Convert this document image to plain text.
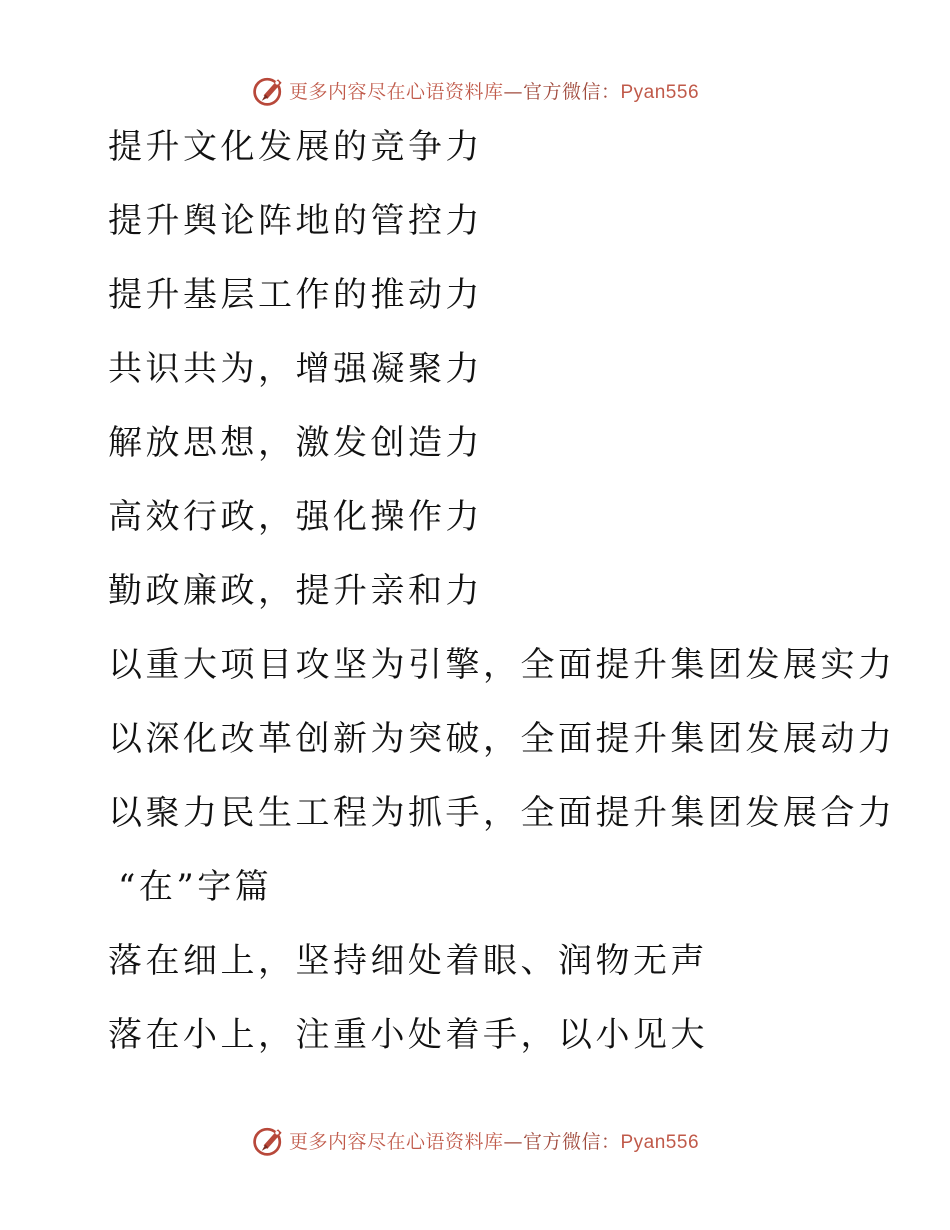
更多内容尽在心语资料库—官方微信：Pyan556
提升文化发展的竞争力
提升舆论阵地的管控力
提升基层工作的推动力
共识共为，增强凝聚力
解放思想，激发创造力
高效行政，强化操作力
勤政廉政，提升亲和力
以重大项目攻坚为引擎，全面提升集团发展实力
以深化改革创新为突破，全面提升集团发展动力
以聚力民生工程为抓手，全面提升集团发展合力
“在”字篇
落在细上，坚持细处着眼、润物无声
落在小上，注重小处着手，以小见大
更多内容尽在心语资料库—官方微信：Pyan556
